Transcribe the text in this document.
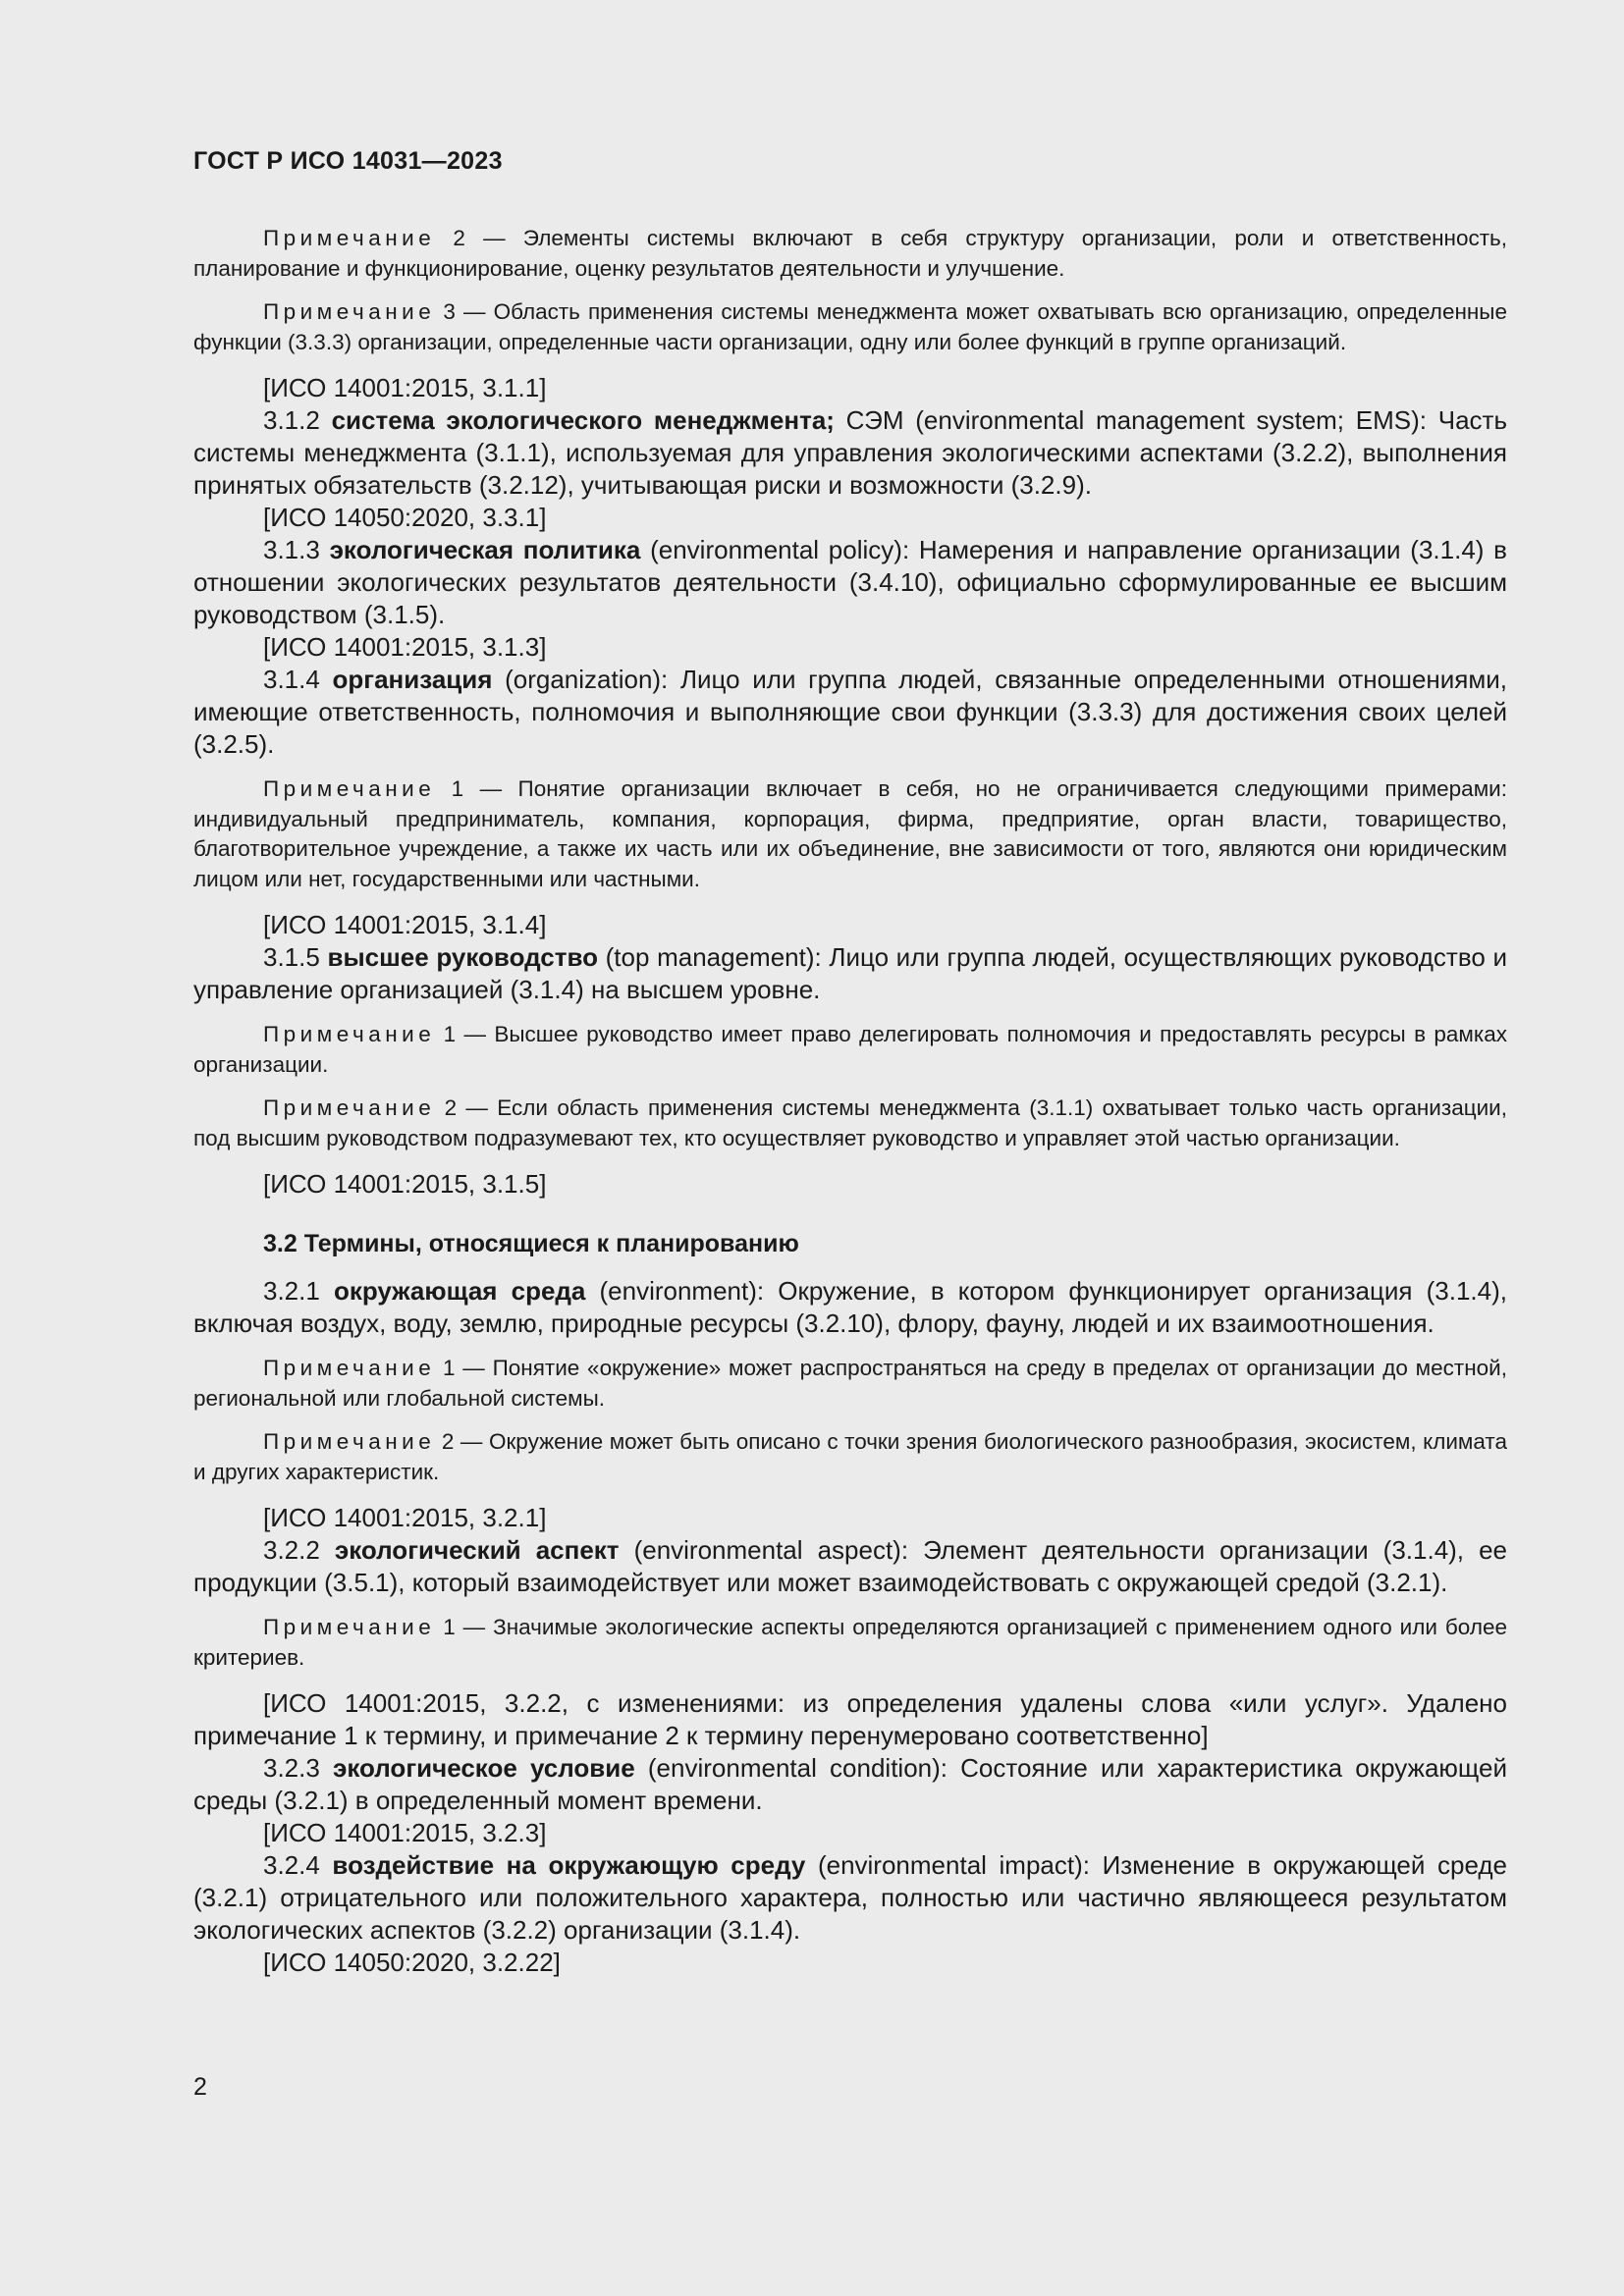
ГОСТ Р ИСО 14031—2023

Примечание 2 — Элементы системы включают в себя структуру организации, роли и ответственность, планирование и функционирование, оценку результатов деятельности и улучшение.

Примечание 3 — Область применения системы менеджмента может охватывать всю организацию, определенные функции (3.3.3) организации, определенные части организации, одну или более функций в группе организаций.

[ИСО 14001:2015, 3.1.1]

3.1.2 система экологического менеджмента; СЭМ (environmental management system; EMS): Часть системы менеджмента (3.1.1), используемая для управления экологическими аспектами (3.2.2), выполнения принятых обязательств (3.2.12), учитывающая риски и возможности (3.2.9).

[ИСО 14050:2020, 3.3.1]

3.1.3 экологическая политика (environmental policy): Намерения и направление организации (3.1.4) в отношении экологических результатов деятельности (3.4.10), официально сформулированные ее высшим руководством (3.1.5).

[ИСО 14001:2015, 3.1.3]

3.1.4 организация (organization): Лицо или группа людей, связанные определенными отношениями, имеющие ответственность, полномочия и выполняющие свои функции (3.3.3) для достижения своих целей (3.2.5).

Примечание 1 — Понятие организации включает в себя, но не ограничивается следующими примерами: индивидуальный предприниматель, компания, корпорация, фирма, предприятие, орган власти, товарищество, благотворительное учреждение, а также их часть или их объединение, вне зависимости от того, являются они юридическим лицом или нет, государственными или частными.

[ИСО 14001:2015, 3.1.4]

3.1.5 высшее руководство (top management): Лицо или группа людей, осуществляющих руководство и управление организацией (3.1.4) на высшем уровне.

Примечание 1 — Высшее руководство имеет право делегировать полномочия и предоставлять ресурсы в рамках организации.

Примечание 2 — Если область применения системы менеджмента (3.1.1) охватывает только часть организации, под высшим руководством подразумевают тех, кто осуществляет руководство и управляет этой частью организации.

[ИСО 14001:2015, 3.1.5]

3.2 Термины, относящиеся к планированию

3.2.1 окружающая среда (environment): Окружение, в котором функционирует организация (3.1.4), включая воздух, воду, землю, природные ресурсы (3.2.10), флору, фауну, людей и их взаимоотношения.

Примечание 1 — Понятие «окружение» может распространяться на среду в пределах от организации до местной, региональной или глобальной системы.

Примечание 2 — Окружение может быть описано с точки зрения биологического разнообразия, экосистем, климата и других характеристик.

[ИСО 14001:2015, 3.2.1]

3.2.2 экологический аспект (environmental aspect): Элемент деятельности организации (3.1.4), ее продукции (3.5.1), который взаимодействует или может взаимодействовать с окружающей средой (3.2.1).

Примечание 1 — Значимые экологические аспекты определяются организацией с применением одного или более критериев.

[ИСО 14001:2015, 3.2.2, с изменениями: из определения удалены слова «или услуг». Удалено примечание 1 к термину, и примечание 2 к термину перенумеровано соответственно]

3.2.3 экологическое условие (environmental condition): Состояние или характеристика окружающей среды (3.2.1) в определенный момент времени.

[ИСО 14001:2015, 3.2.3]

3.2.4 воздействие на окружающую среду (environmental impact): Изменение в окружающей среде (3.2.1) отрицательного или положительного характера, полностью или частично являющееся результатом экологических аспектов (3.2.2) организации (3.1.4).

[ИСО 14050:2020, 3.2.22]

2
